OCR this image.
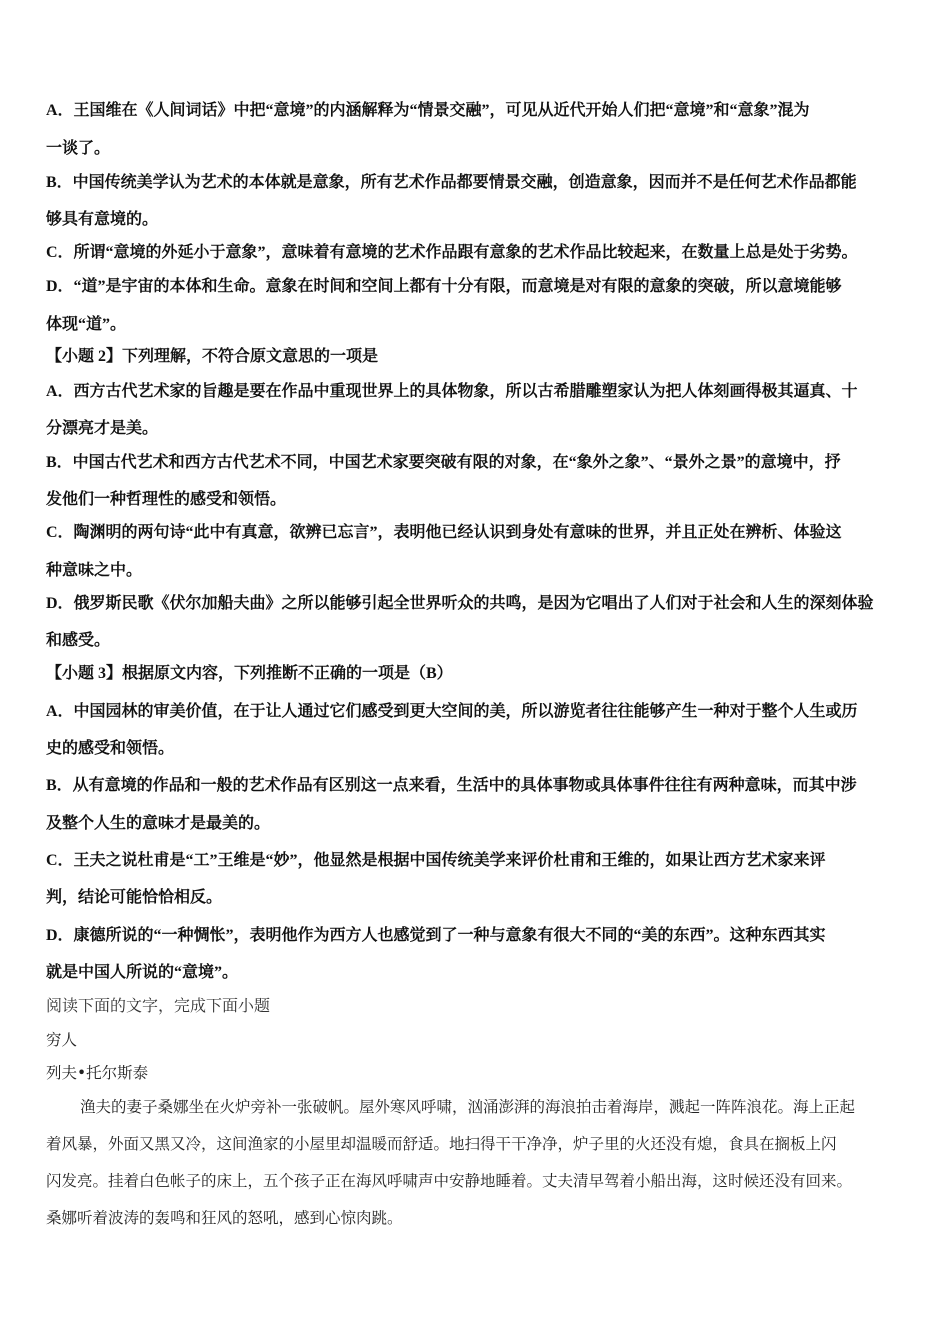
A．王国维在《人间词话》中把“意境”的内涵解释为“情景交融”，可见从近代开始人们把“意境”和“意象”混为
一谈了。
B．中国传统美学认为艺术的本体就是意象，所有艺术作品都要情景交融，创造意象，因而并不是任何艺术作品都能
够具有意境的。
C．所谓“意境的外延小于意象”，意味着有意境的艺术作品跟有意象的艺术作品比较起来，在数量上总是处于劣势。
D．“道”是宇宙的本体和生命。意象在时间和空间上都有十分有限，而意境是对有限的意象的突破，所以意境能够
体现“道”。
【小题 2】下列理解，不符合原文意思的一项是
A．西方古代艺术家的旨趣是要在作品中重现世界上的具体物象，所以古希腊雕塑家认为把人体刻画得极其逼真、十
分漂亮才是美。
B．中国古代艺术和西方古代艺术不同，中国艺术家要突破有限的对象，在“象外之象”、“景外之景”的意境中，抒
发他们一种哲理性的感受和领悟。
C．陶渊明的两句诗“此中有真意，欲辨已忘言”，表明他已经认识到身处有意味的世界，并且正处在辨析、体验这
种意味之中。
D．俄罗斯民歌《伏尔加船夫曲》之所以能够引起全世界听众的共鸣，是因为它唱出了人们对于社会和人生的深刻体验
和感受。
【小题 3】根据原文内容，下列推断不正确的一项是（B）
A．中国园林的审美价值，在于让人通过它们感受到更大空间的美，所以游览者往往能够产生一种对于整个人生或历
史的感受和领悟。
B．从有意境的作品和一般的艺术作品有区别这一点来看，生活中的具体事物或具体事件往往有两种意味，而其中涉
及整个人生的意味才是最美的。
C．王夫之说杜甫是“工”王维是“妙”，他显然是根据中国传统美学来评价杜甫和王维的，如果让西方艺术家来评
判，结论可能恰恰相反。
D．康德所说的“一种惆怅”，表明他作为西方人也感觉到了一种与意象有很大不同的“美的东西”。这种东西其实
就是中国人所说的“意境”。
阅读下面的文字，完成下面小题
穷人
列夫•托尔斯泰
渔夫的妻子桑娜坐在火炉旁补一张破帆。屋外寒风呼啸，汹涌澎湃的海浪拍击着海岸，溅起一阵阵浪花。海上正起
着风暴，外面又黑又冷，这间渔家的小屋里却温暖而舒适。地扫得干干净净，炉子里的火还没有熄，食具在搁板上闪
闪发亮。挂着白色帐子的床上，五个孩子正在海风呼啸声中安静地睡着。丈夫清早驾着小船出海，这时候还没有回来。
桑娜听着波涛的轰鸣和狂风的怒吼，感到心惊肉跳。
